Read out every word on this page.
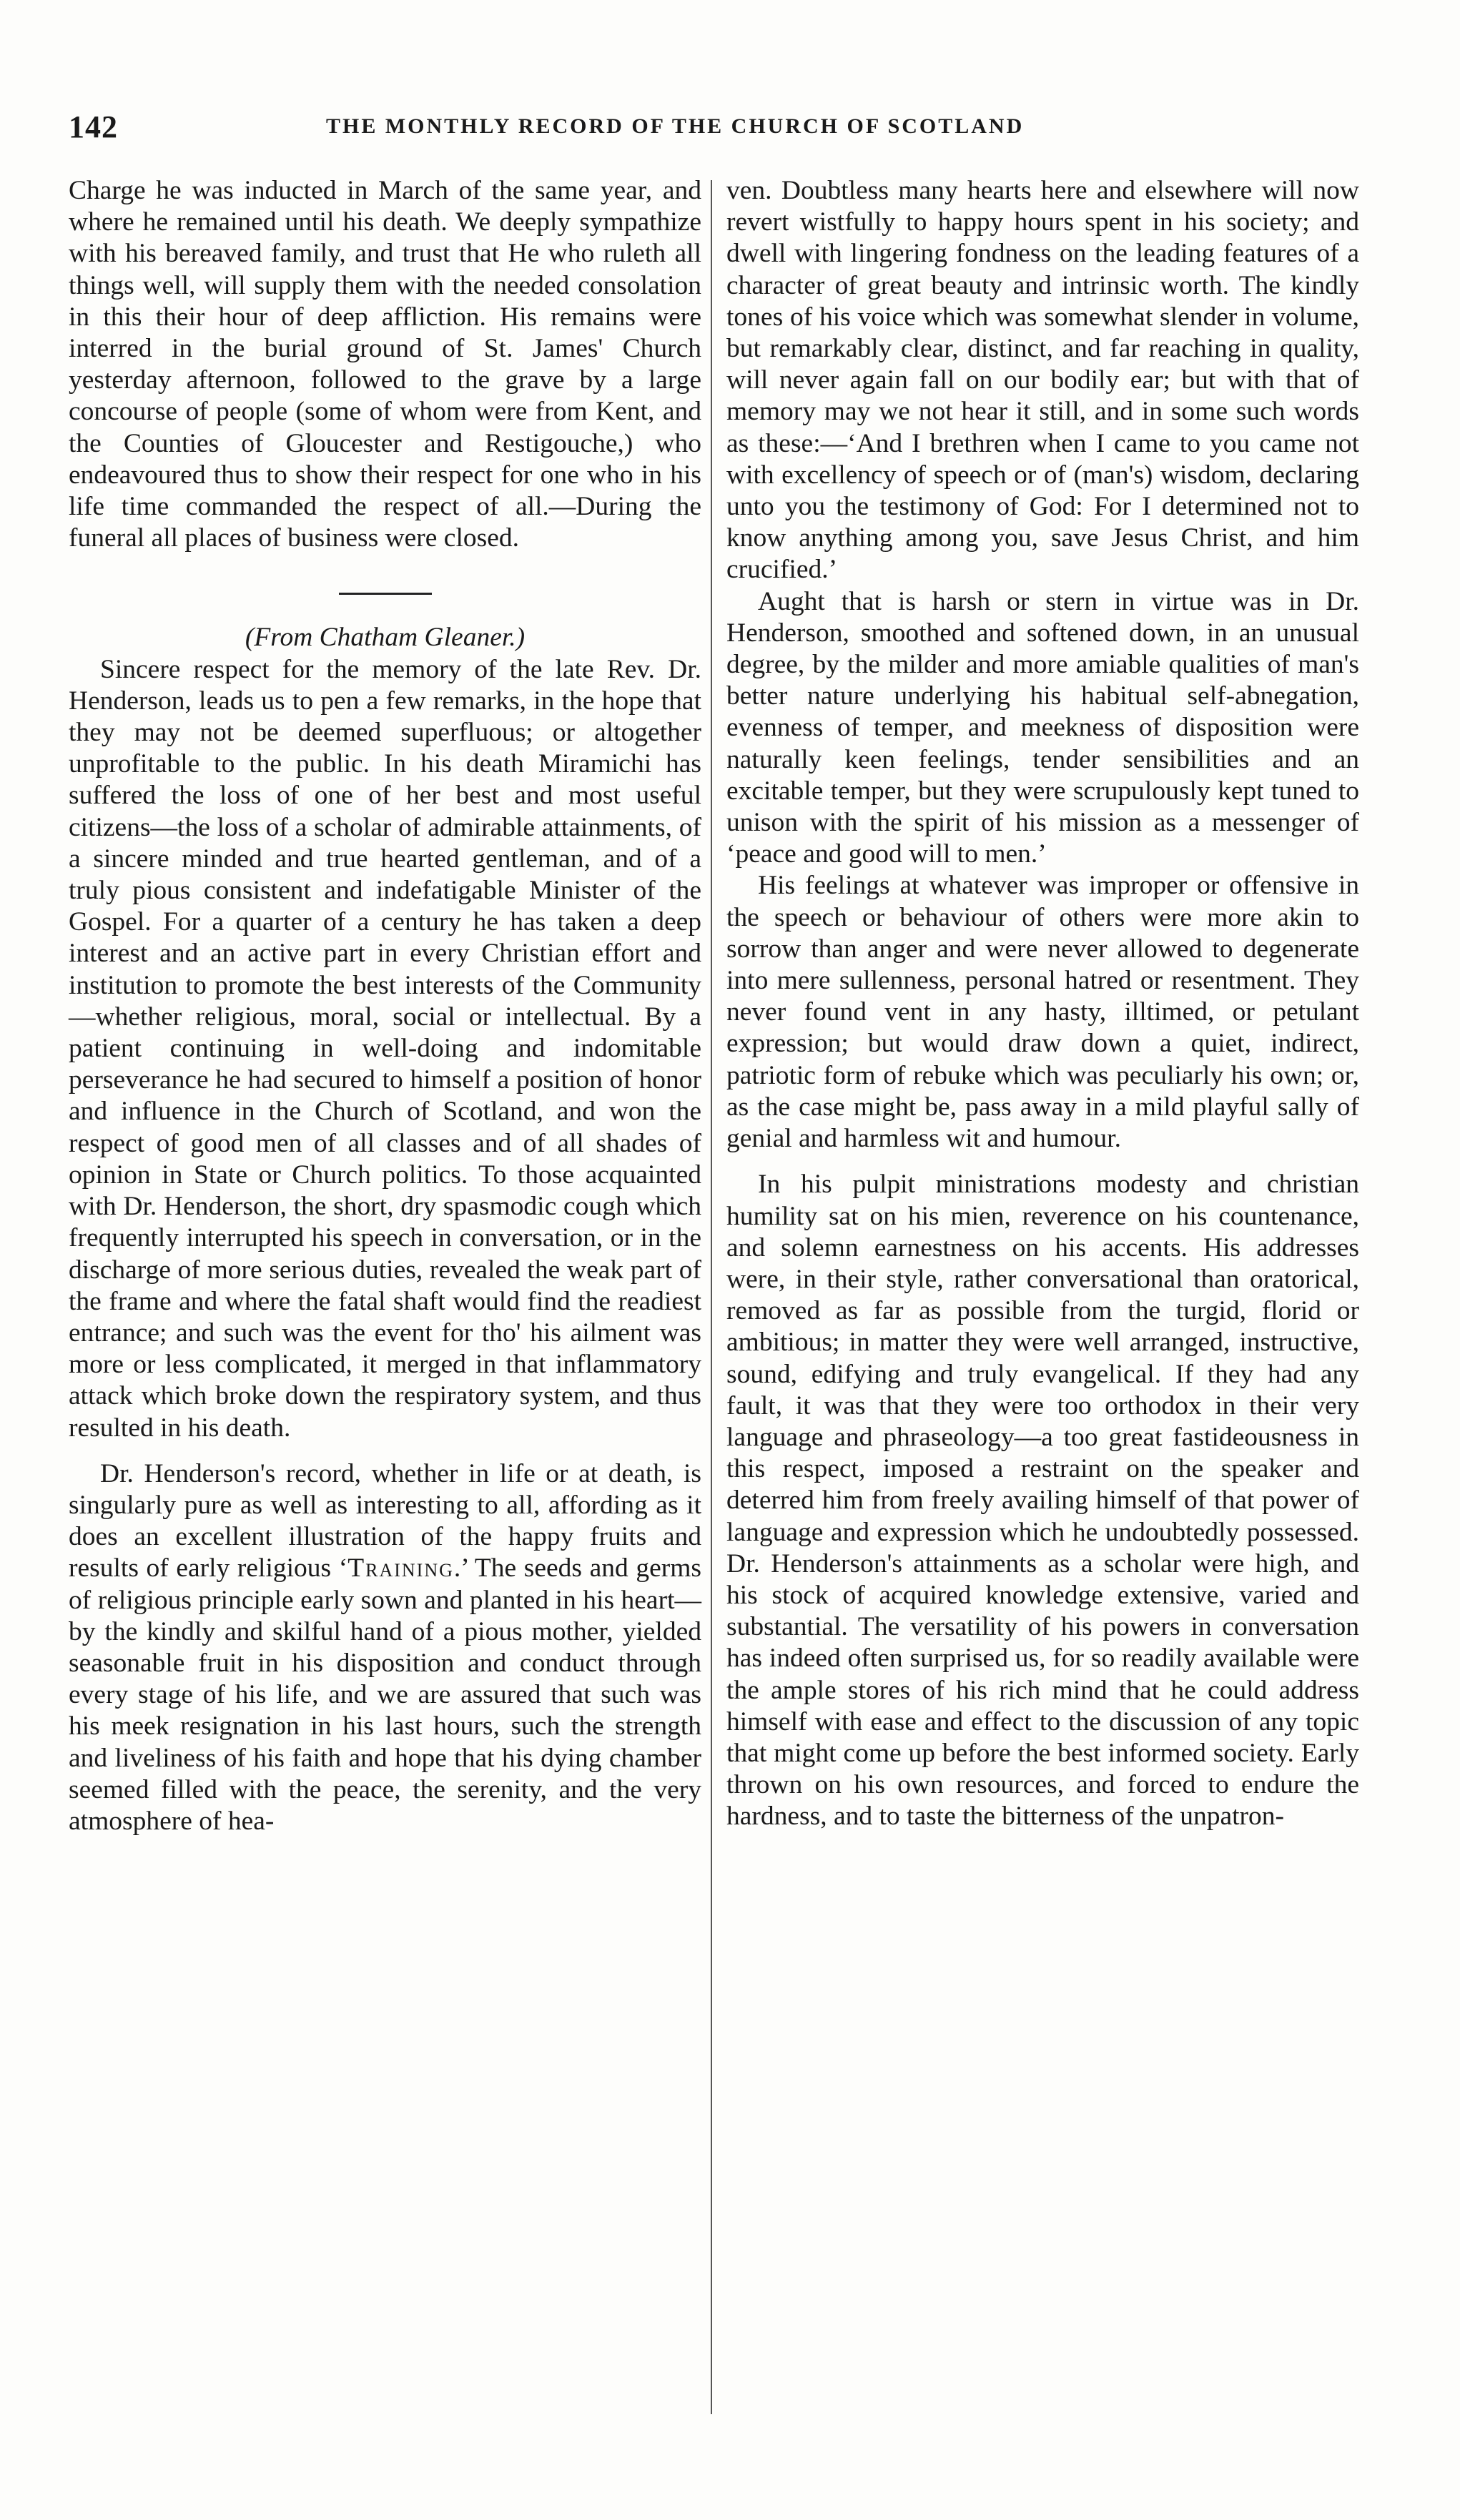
142	THE MONTHLY RECORD OF THE CHURCH OF SCOTLAND

Charge he was inducted in March of the same year, and where he remained until his death. We deeply sympathize with his bereaved family, and trust that He who ruleth all things well, will supply them with the needed consolation in this their hour of deep affliction. His remains were interred in the burial ground of St. James' Church yesterday afternoon, followed to the grave by a large concourse of people (some of whom were from Kent, and the Counties of Gloucester and Restigouche,) who endeavoured thus to show their respect for one who in his life time commanded the respect of all.—During the funeral all places of business were closed.

(From Chatham Gleaner.)

Sincere respect for the memory of the late Rev. Dr. Henderson, leads us to pen a few remarks, in the hope that they may not be deemed superfluous; or altogether unprofitable to the public. In his death Miramichi has suffered the loss of one of her best and most useful citizens—the loss of a scholar of admirable attainments, of a sincere minded and true hearted gentleman, and of a truly pious consistent and indefatigable Minister of the Gospel. For a quarter of a century he has taken a deep interest and an active part in every Christian effort and institution to promote the best interests of the Community—whether religious, moral, social or intellectual. By a patient continuing in well-doing and indomitable perseverance he had secured to himself a position of honor and influence in the Church of Scotland, and won the respect of good men of all classes and of all shades of opinion in State or Church politics. To those acquainted with Dr. Henderson, the short, dry spasmodic cough which frequently interrupted his speech in conversation, or in the discharge of more serious duties, revealed the weak part of the frame and where the fatal shaft would find the readiest entrance; and such was the event for tho' his ailment was more or less complicated, it merged in that inflammatory attack which broke down the respiratory system, and thus resulted in his death.

Dr. Henderson's record, whether in life or at death, is singularly pure as well as interesting to all, affording as it does an excellent illustration of the happy fruits and results of early religious ‘Training.’ The seeds and germs of religious principle early sown and planted in his heart—by the kindly and skilful hand of a pious mother, yielded seasonable fruit in his disposition and conduct through every stage of his life, and we are assured that such was his meek resignation in his last hours, such the strength and liveliness of his faith and hope that his dying chamber seemed filled with the peace, the serenity, and the very atmosphere of hea-

ven. Doubtless many hearts here and elsewhere will now revert wistfully to happy hours spent in his society; and dwell with lingering fondness on the leading features of a character of great beauty and intrinsic worth. The kindly tones of his voice which was somewhat slender in volume, but remarkably clear, distinct, and far reaching in quality, will never again fall on our bodily ear; but with that of memory may we not hear it still, and in some such words as these:—‘And I brethren when I came to you came not with excellency of speech or of (man's) wisdom, declaring unto you the testimony of God: For I determined not to know anything among you, save Jesus Christ, and him crucified.’

Aught that is harsh or stern in virtue was in Dr. Henderson, smoothed and softened down, in an unusual degree, by the milder and more amiable qualities of man's better nature underlying his habitual self-abnegation, evenness of temper, and meekness of disposition were naturally keen feelings, tender sensibilities and an excitable temper, but they were scrupulously kept tuned to unison with the spirit of his mission as a messenger of ‘peace and good will to men.’

His feelings at whatever was improper or offensive in the speech or behaviour of others were more akin to sorrow than anger and were never allowed to degenerate into mere sullenness, personal hatred or resentment. They never found vent in any hasty, illtimed, or petulant expression; but would draw down a quiet, indirect, patriotic form of rebuke which was peculiarly his own; or, as the case might be, pass away in a mild playful sally of genial and harmless wit and humour.

In his pulpit ministrations modesty and christian humility sat on his mien, reverence on his countenance, and solemn earnestness on his accents. His addresses were, in their style, rather conversational than oratorical, removed as far as possible from the turgid, florid or ambitious; in matter they were well arranged, instructive, sound, edifying and truly evangelical. If they had any fault, it was that they were too orthodox in their very language and phraseology—a too great fastideousness in this respect, imposed a restraint on the speaker and deterred him from freely availing himself of that power of language and expression which he undoubtedly possessed. Dr. Henderson's attainments as a scholar were high, and his stock of acquired knowledge extensive, varied and substantial. The versatility of his powers in conversation has indeed often surprised us, for so readily available were the ample stores of his rich mind that he could address himself with ease and effect to the discussion of any topic that might come up before the best informed society. Early thrown on his own resources, and forced to endure the hardness, and to taste the bitterness of the unpatron-
